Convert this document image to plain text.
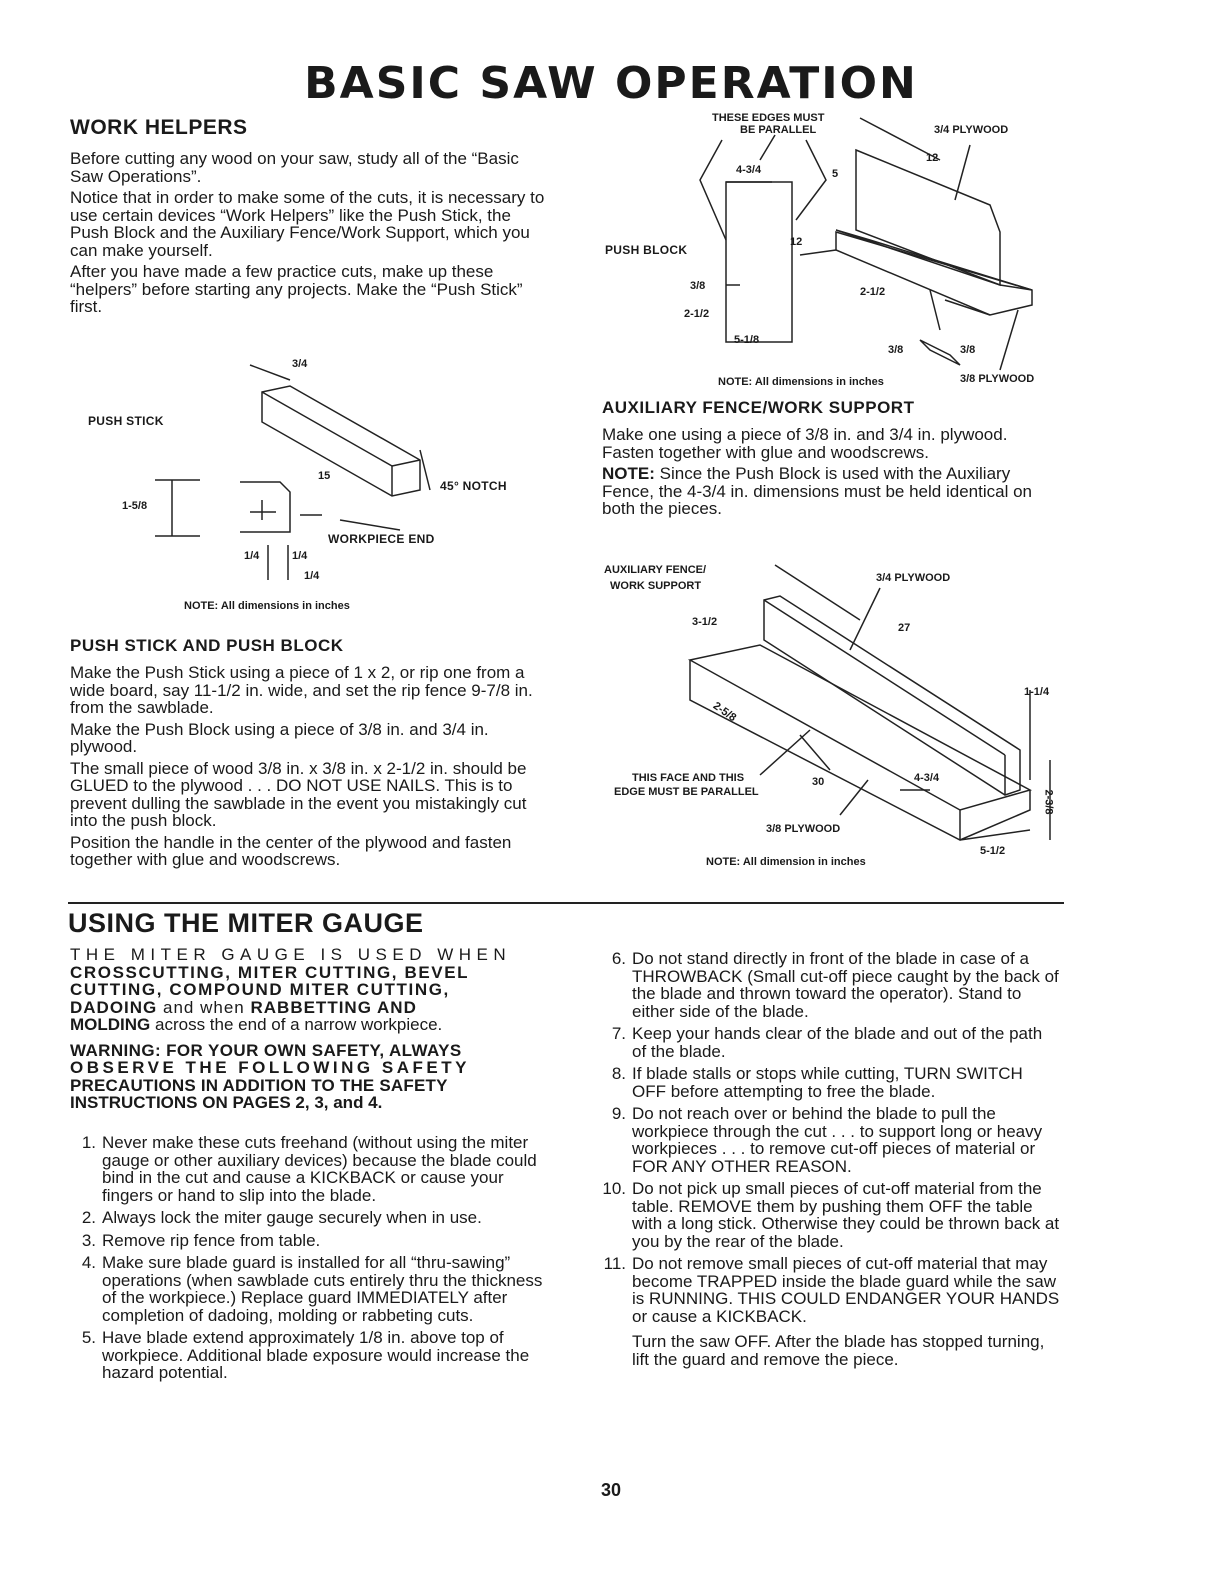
BASIC SAW OPERATION
WORK HELPERS

Before cutting any wood on your saw, study all of the “Basic Saw Operations”.

Notice that in order to make some of the cuts, it is necessary to use certain devices “Work Helpers” like the Push Stick, the Push Block and the Auxiliary Fence/Work Support, which you can make yourself.

After you have made a few practice cuts, make up these “helpers” before starting any projects. Make the “Push Stick” first.

PUSH STICK
3/4
15
1-5/8
45° NOTCH
WORKPIECE END
1/4	1/4
1/4
NOTE: All dimensions in inches
PUSH STICK AND PUSH BLOCK

Make the Push Stick using a piece of 1 x 2, or rip one from a wide board, say 11-1/2 in. wide, and set the rip fence 9-7/8 in. from the sawblade.

Make the Push Block using a piece of 3/8 in. and 3/4 in. plywood.

The small piece of wood 3/8 in. x 3/8 in. x 2-1/2 in. should be GLUED to the plywood . . . DO NOT USE NAILS. This is to prevent dulling the sawblade in the event you mistakingly cut into the push block.

Position the handle in the center of the plywood and fasten together with glue and woodscrews.

THESE EDGES MUST
BE PARALLEL	3/4 PLYWOOD
12
4-3/4	5
PUSH BLOCK
12
3/8
2-1/2
2-1/2
5-1/8
3/8	3/8
NOTE: All dimensions in inches	3/8 PLYWOOD
AUXILIARY FENCE/WORK SUPPORT

Make one using a piece of 3/8 in. and 3/4 in. plywood. Fasten together with glue and woodscrews.

NOTE: Since the Push Block is used with the Auxiliary Fence, the 4-3/4 in. dimensions must be held identical on both the pieces.

AUXILIARY FENCE/
WORK SUPPORT
3/4 PLYWOOD
3-1/2	27
1-1/4
2-5/8
THIS FACE AND THIS
EDGE MUST BE PARALLEL
30	4-3/4
2-3/8
3/8 PLYWOOD
5-1/2
NOTE: All dimension in inches
USING THE MITER GAUGE
THE MITER GAUGE IS USED WHEN
CROSSCUTTING, MITER CUTTING, BEVEL
CUTTING, COMPOUND MITER CUTTING,
DADOING and when RABBETTING AND
MOLDING across the end of a narrow workpiece.
WARNING: FOR YOUR OWN SAFETY, ALWAYS
OBSERVE THE FOLLOWING SAFETY
PRECAUTIONS IN ADDITION TO THE SAFETY
INSTRUCTIONS ON PAGES 2, 3, and 4.
1. Never make these cuts freehand (without using the miter gauge or other auxiliary devices) because the blade could bind in the cut and cause a KICKBACK or cause your fingers or hand to slip into the blade.
2. Always lock the miter gauge securely when in use.
3. Remove rip fence from table.
4. Make sure blade guard is installed for all “thru-sawing” operations (when sawblade cuts entirely thru the thickness of the workpiece.) Replace guard IMMEDIATELY after completion of dadoing, molding or rabbeting cuts.
5. Have blade extend approximately 1/8 in. above top of workpiece. Additional blade exposure would increase the hazard potential.
6. Do not stand directly in front of the blade in case of a THROWBACK (Small cut-off piece caught by the back of the blade and thrown toward the operator). Stand to either side of the blade.
7. Keep your hands clear of the blade and out of the path of the blade.
8. If blade stalls or stops while cutting, TURN SWITCH OFF before attempting to free the blade.
9. Do not reach over or behind the blade to pull the workpiece through the cut . . . to support long or heavy workpieces . . . to remove cut-off pieces of material or FOR ANY OTHER REASON.
10. Do not pick up small pieces of cut-off material from the table. REMOVE them by pushing them OFF the table with a long stick. Otherwise they could be thrown back at you by the rear of the blade.
11. Do not remove small pieces of cut-off material that may become TRAPPED inside the blade guard while the saw is RUNNING. THIS COULD ENDANGER YOUR HANDS or cause a KICKBACK.
Turn the saw OFF. After the blade has stopped turning, lift the guard and remove the piece.
30
